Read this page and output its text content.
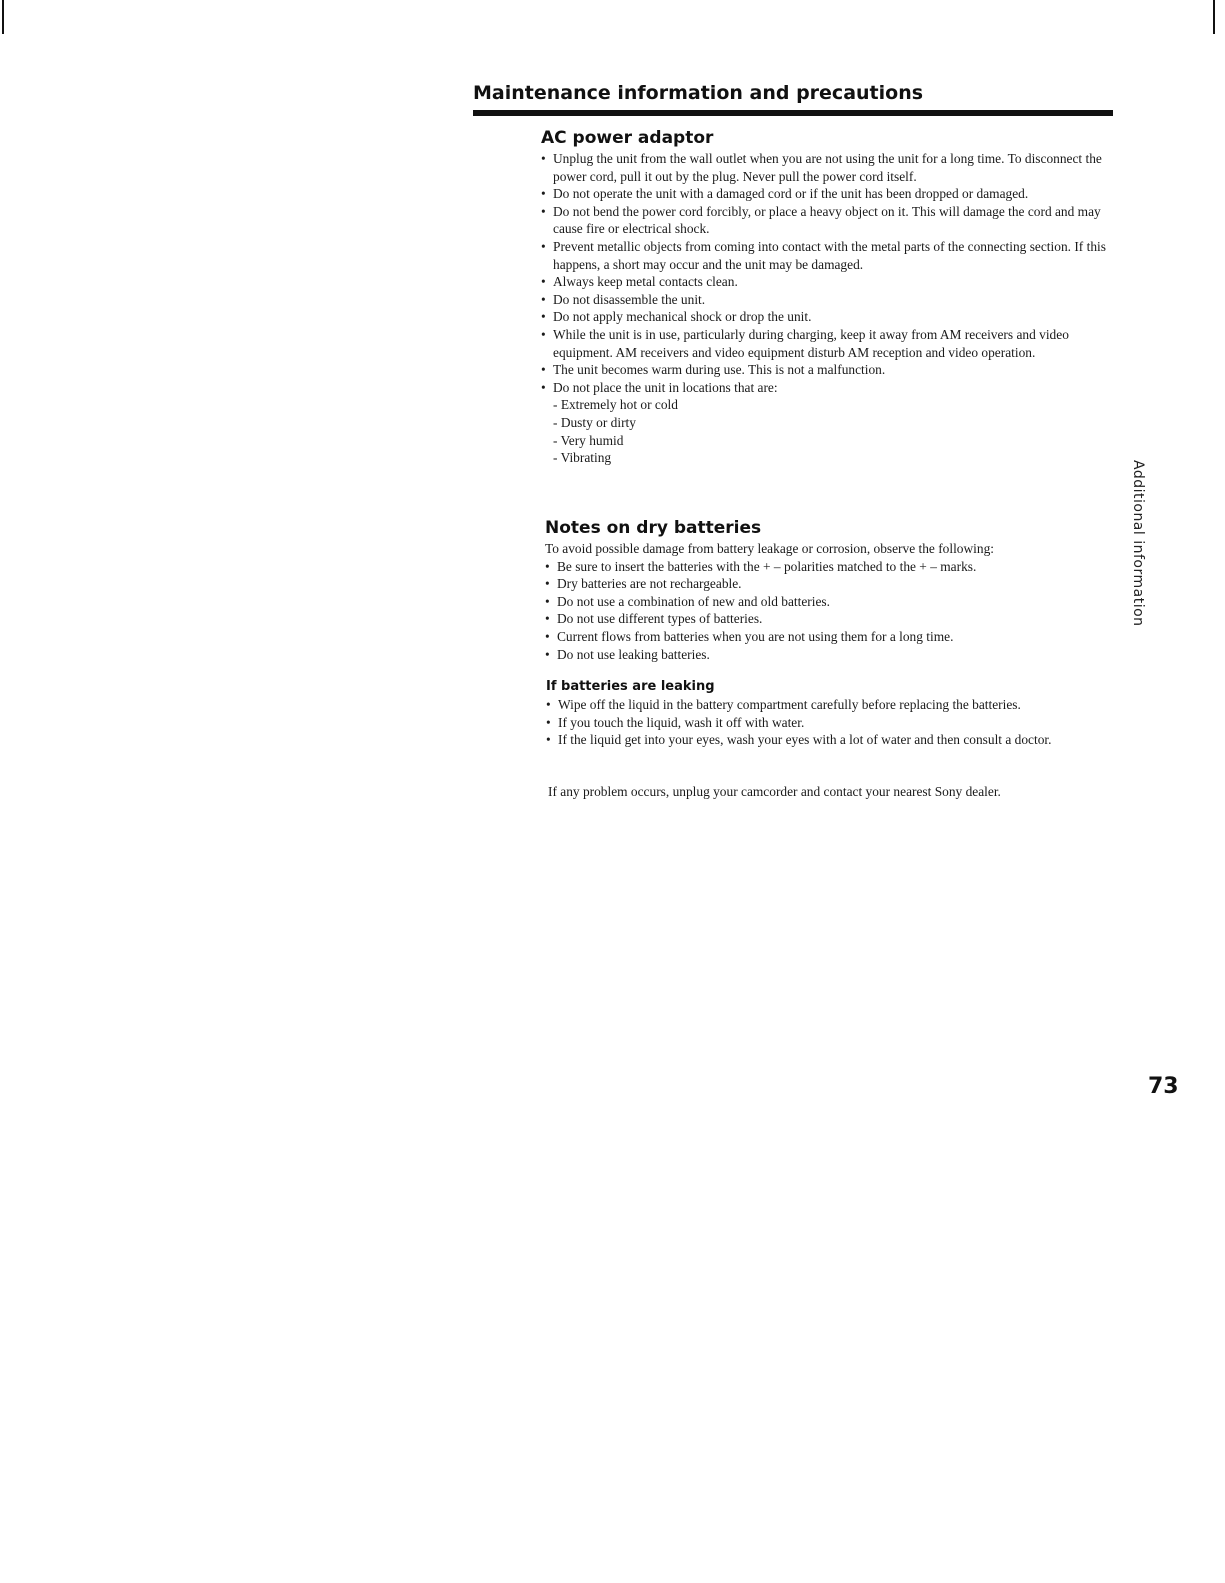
Maintenance information and precautions
AC power adaptor
• Unplug the unit from the wall outlet when you are not using the unit for a long time. To disconnect the power cord, pull it out by the plug. Never pull the power cord itself.
• Do not operate the unit with a damaged cord or if the unit has been dropped or damaged.
• Do not bend the power cord forcibly, or place a heavy object on it. This will damage the cord and may cause fire or electrical shock.
• Prevent metallic objects from coming into contact with the metal parts of the connecting section. If this happens, a short may occur and the unit may be damaged.
• Always keep metal contacts clean.
• Do not disassemble the unit.
• Do not apply mechanical shock or drop the unit.
• While the unit is in use, particularly during charging, keep it away from AM receivers and video equipment. AM receivers and video equipment disturb AM reception and video operation.
• The unit becomes warm during use. This is not a malfunction.
• Do not place the unit in locations that are:
- Extremely hot or cold
- Dusty or dirty
- Very humid
- Vibrating
Notes on dry batteries

To avoid possible damage from battery leakage or corrosion, observe the following:

• Be sure to insert the batteries with the + – polarities matched to the + – marks.
• Dry batteries are not rechargeable.
• Do not use a combination of new and old batteries.
• Do not use different types of batteries.
• Current flows from batteries when you are not using them for a long time.
• Do not use leaking batteries.
If batteries are leaking
• Wipe off the liquid in the battery compartment carefully before replacing the batteries.
• If you touch the liquid, wash it off with water.
• If the liquid get into your eyes, wash your eyes with a lot of water and then consult a doctor.

If any problem occurs, unplug your camcorder and contact your nearest Sony dealer.

Additional information
73
